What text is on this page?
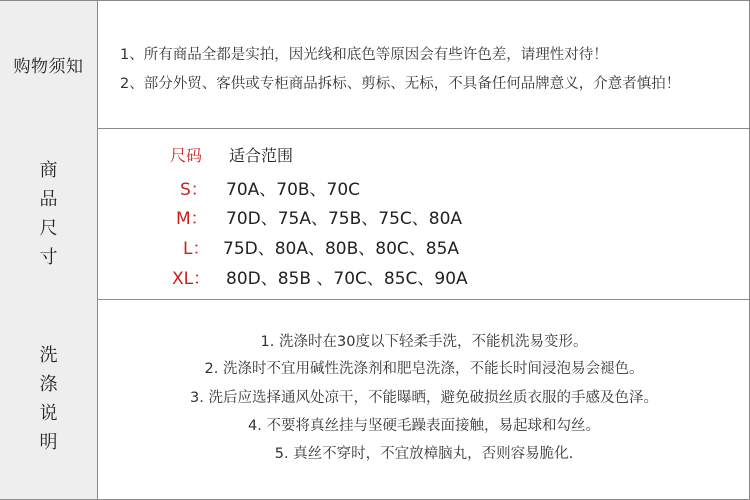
购物须知
1、所有商品全都是实拍，因光线和底色等原因会有些许色差，请理性对待！
2、部分外贸、客供或专柜商品拆标、剪标、无标，不具备任何品牌意义，介意者慎拍！
商
品
尺
寸
尺码 适合范围
S： 70A、70B、70C
M： 70D、75A、75B、75C、80A
L： 75D、80A、80B、80C、85A
XL： 80D、85B 、70C、85C、90A
洗
涤
说
明
1. 洗涤时在30度以下轻柔手洗，不能机洗易变形。
2. 洗涤时不宜用碱性洗涤剂和肥皂洗涤，不能长时间浸泡易会褪色。
3. 洗后应选择通风处凉干，不能曝晒，避免破损丝质衣服的手感及色泽。
4. 不要将真丝挂与坚硬毛躁表面接触，易起球和勾丝。
5. 真丝不穿时，不宜放樟脑丸，否则容易脆化.
